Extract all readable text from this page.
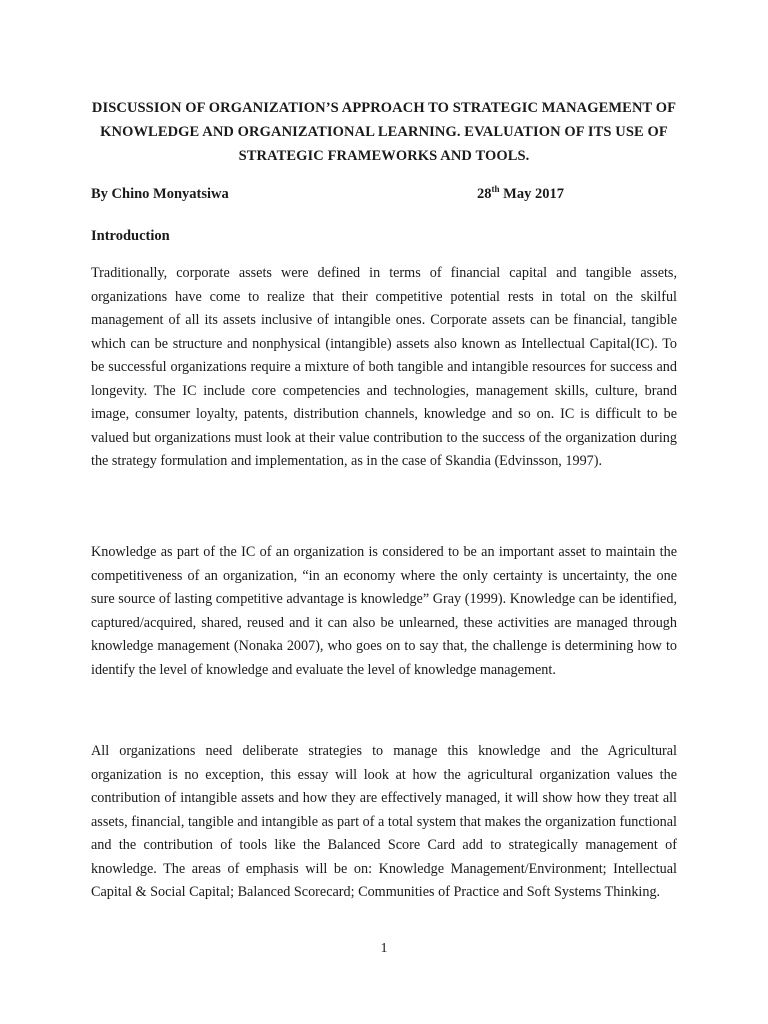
DISCUSSION OF ORGANIZATION’S APPROACH TO STRATEGIC MANAGEMENT OF KNOWLEDGE AND ORGANIZATIONAL LEARNING. EVALUATION OF ITS USE OF STRATEGIC FRAMEWORKS AND TOOLS.
By Chino Monyatsiwa	28th May 2017
Introduction

Traditionally, corporate assets were defined in terms of financial capital and tangible assets, organizations have come to realize that their competitive potential rests in total on the skilful management of all its assets inclusive of intangible ones. Corporate assets can be financial, tangible which can be structure and nonphysical (intangible) assets also known as Intellectual Capital(IC). To be successful organizations require a mixture of both tangible and intangible resources for success and longevity. The IC include core competencies and technologies, management skills, culture, brand image, consumer loyalty, patents, distribution channels, knowledge and so on. IC is difficult to be valued but organizations must look at their value contribution to the success of the organization during the strategy formulation and implementation, as in the case of Skandia (Edvinsson, 1997).

Knowledge as part of the IC of an organization is considered to be an important asset to maintain the competitiveness of an organization, “in an economy where the only certainty is uncertainty, the one sure source of lasting competitive advantage is knowledge” Gray (1999). Knowledge can be identified, captured/acquired, shared, reused and it can also be unlearned, these activities are managed through knowledge management (Nonaka 2007), who goes on to say that, the challenge is determining how to identify the level of knowledge and evaluate the level of knowledge management.

All organizations need deliberate strategies to manage this knowledge and the Agricultural organization is no exception, this essay will look at how the agricultural organization values the contribution of intangible assets and how they are effectively managed, it will show how they treat all assets, financial, tangible and intangible as part of a total system that makes the organization functional and the contribution of tools like the Balanced Score Card add to strategically management of knowledge. The areas of emphasis will be on: Knowledge Management/Environment; Intellectual Capital & Social Capital; Balanced Scorecard; Communities of Practice and Soft Systems Thinking.

1
